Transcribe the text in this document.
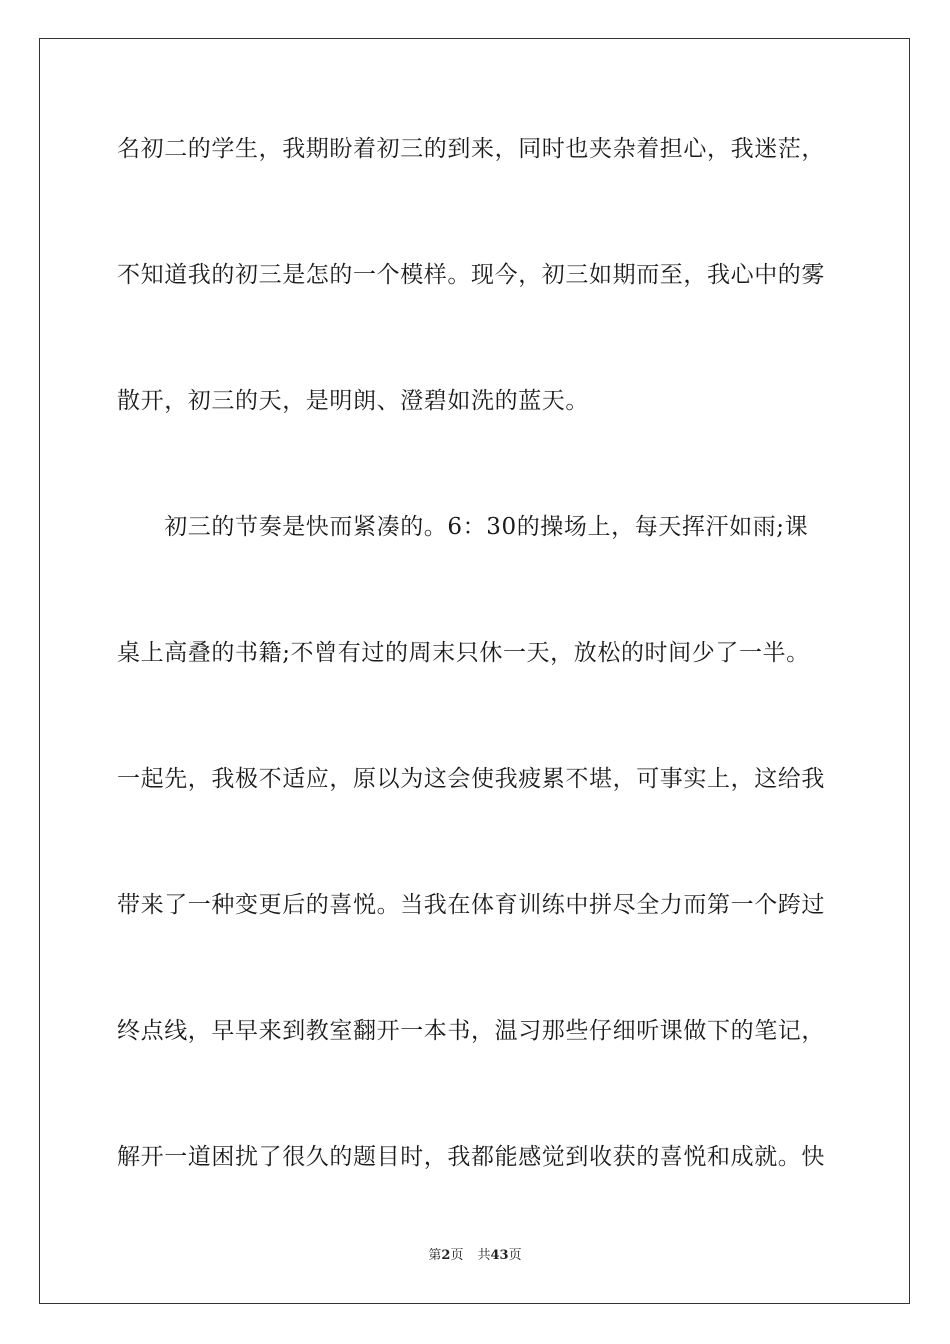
名初二的学生，我期盼着初三的到来，同时也夹杂着担心，我迷茫，
不知道我的初三是怎的一个模样。现今，初三如期而至，我心中的雾
散开，初三的天，是明朗、澄碧如洗的蓝天。
　　初三的节奏是快而紧凑的。6：30的操场上，每天挥汗如雨;课
桌上高叠的书籍;不曾有过的周末只休一天，放松的时间少了一半。
一起先，我极不适应，原以为这会使我疲累不堪，可事实上，这给我
带来了一种变更后的喜悦。当我在体育训练中拼尽全力而第一个跨过
终点线，早早来到教室翻开一本书，温习那些仔细听课做下的笔记，
解开一道困扰了很久的题目时，我都能感觉到收获的喜悦和成就。快
第2页 共43页
